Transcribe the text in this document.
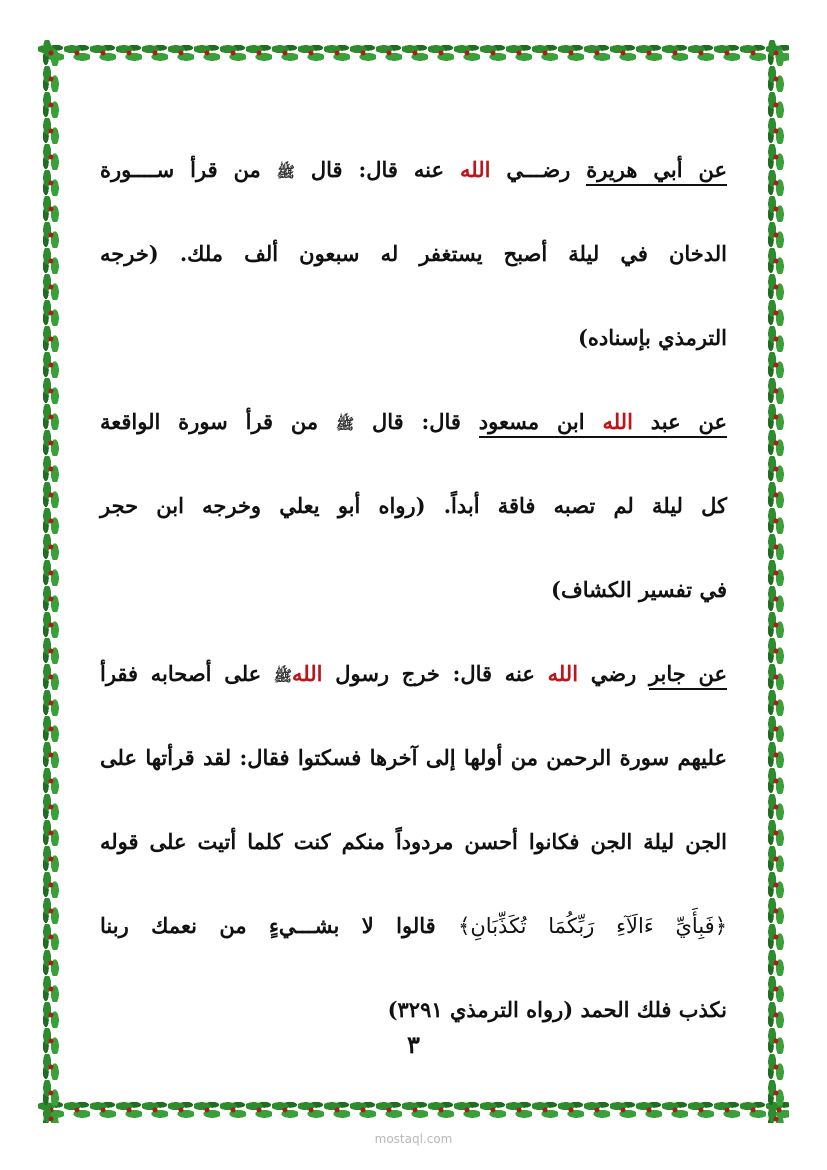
عن أبي هريرة رضـــي الله عنه قال: قال ﷺ من قرأ ســــورة
الدخان في ليلة أصبح يستغفر له سبعون ألف ملك. (خرجه
الترمذي بإسناده)
عن عبد الله ابن مسعود قال: قال ﷺ من قرأ سورة الواقعة
كل ليلة لم تصبه فاقة أبداً. (رواه أبو يعلي وخرجه ابن حجر
في تفسير الكشاف)
عن جابر رضي الله عنه قال: خرج رسول اللهﷺ على أصحابه فقرأ
عليهم سورة الرحمن من أولها إلى آخرها فسكتوا فقال: لقد قرأتها على
الجن ليلة الجن فكانوا أحسن مردوداً منكم كنت كلما أتيت على قوله
﴿فَبِأَيِّ ءَالَآءِ رَبِّكُمَا تُكَذِّبَانِ﴾ قالوا لا بشـــيءٍ من نعمك ربنا
نكذب فلك الحمد (رواه الترمذي ٣٢٩١)
٣
mostaql.com
